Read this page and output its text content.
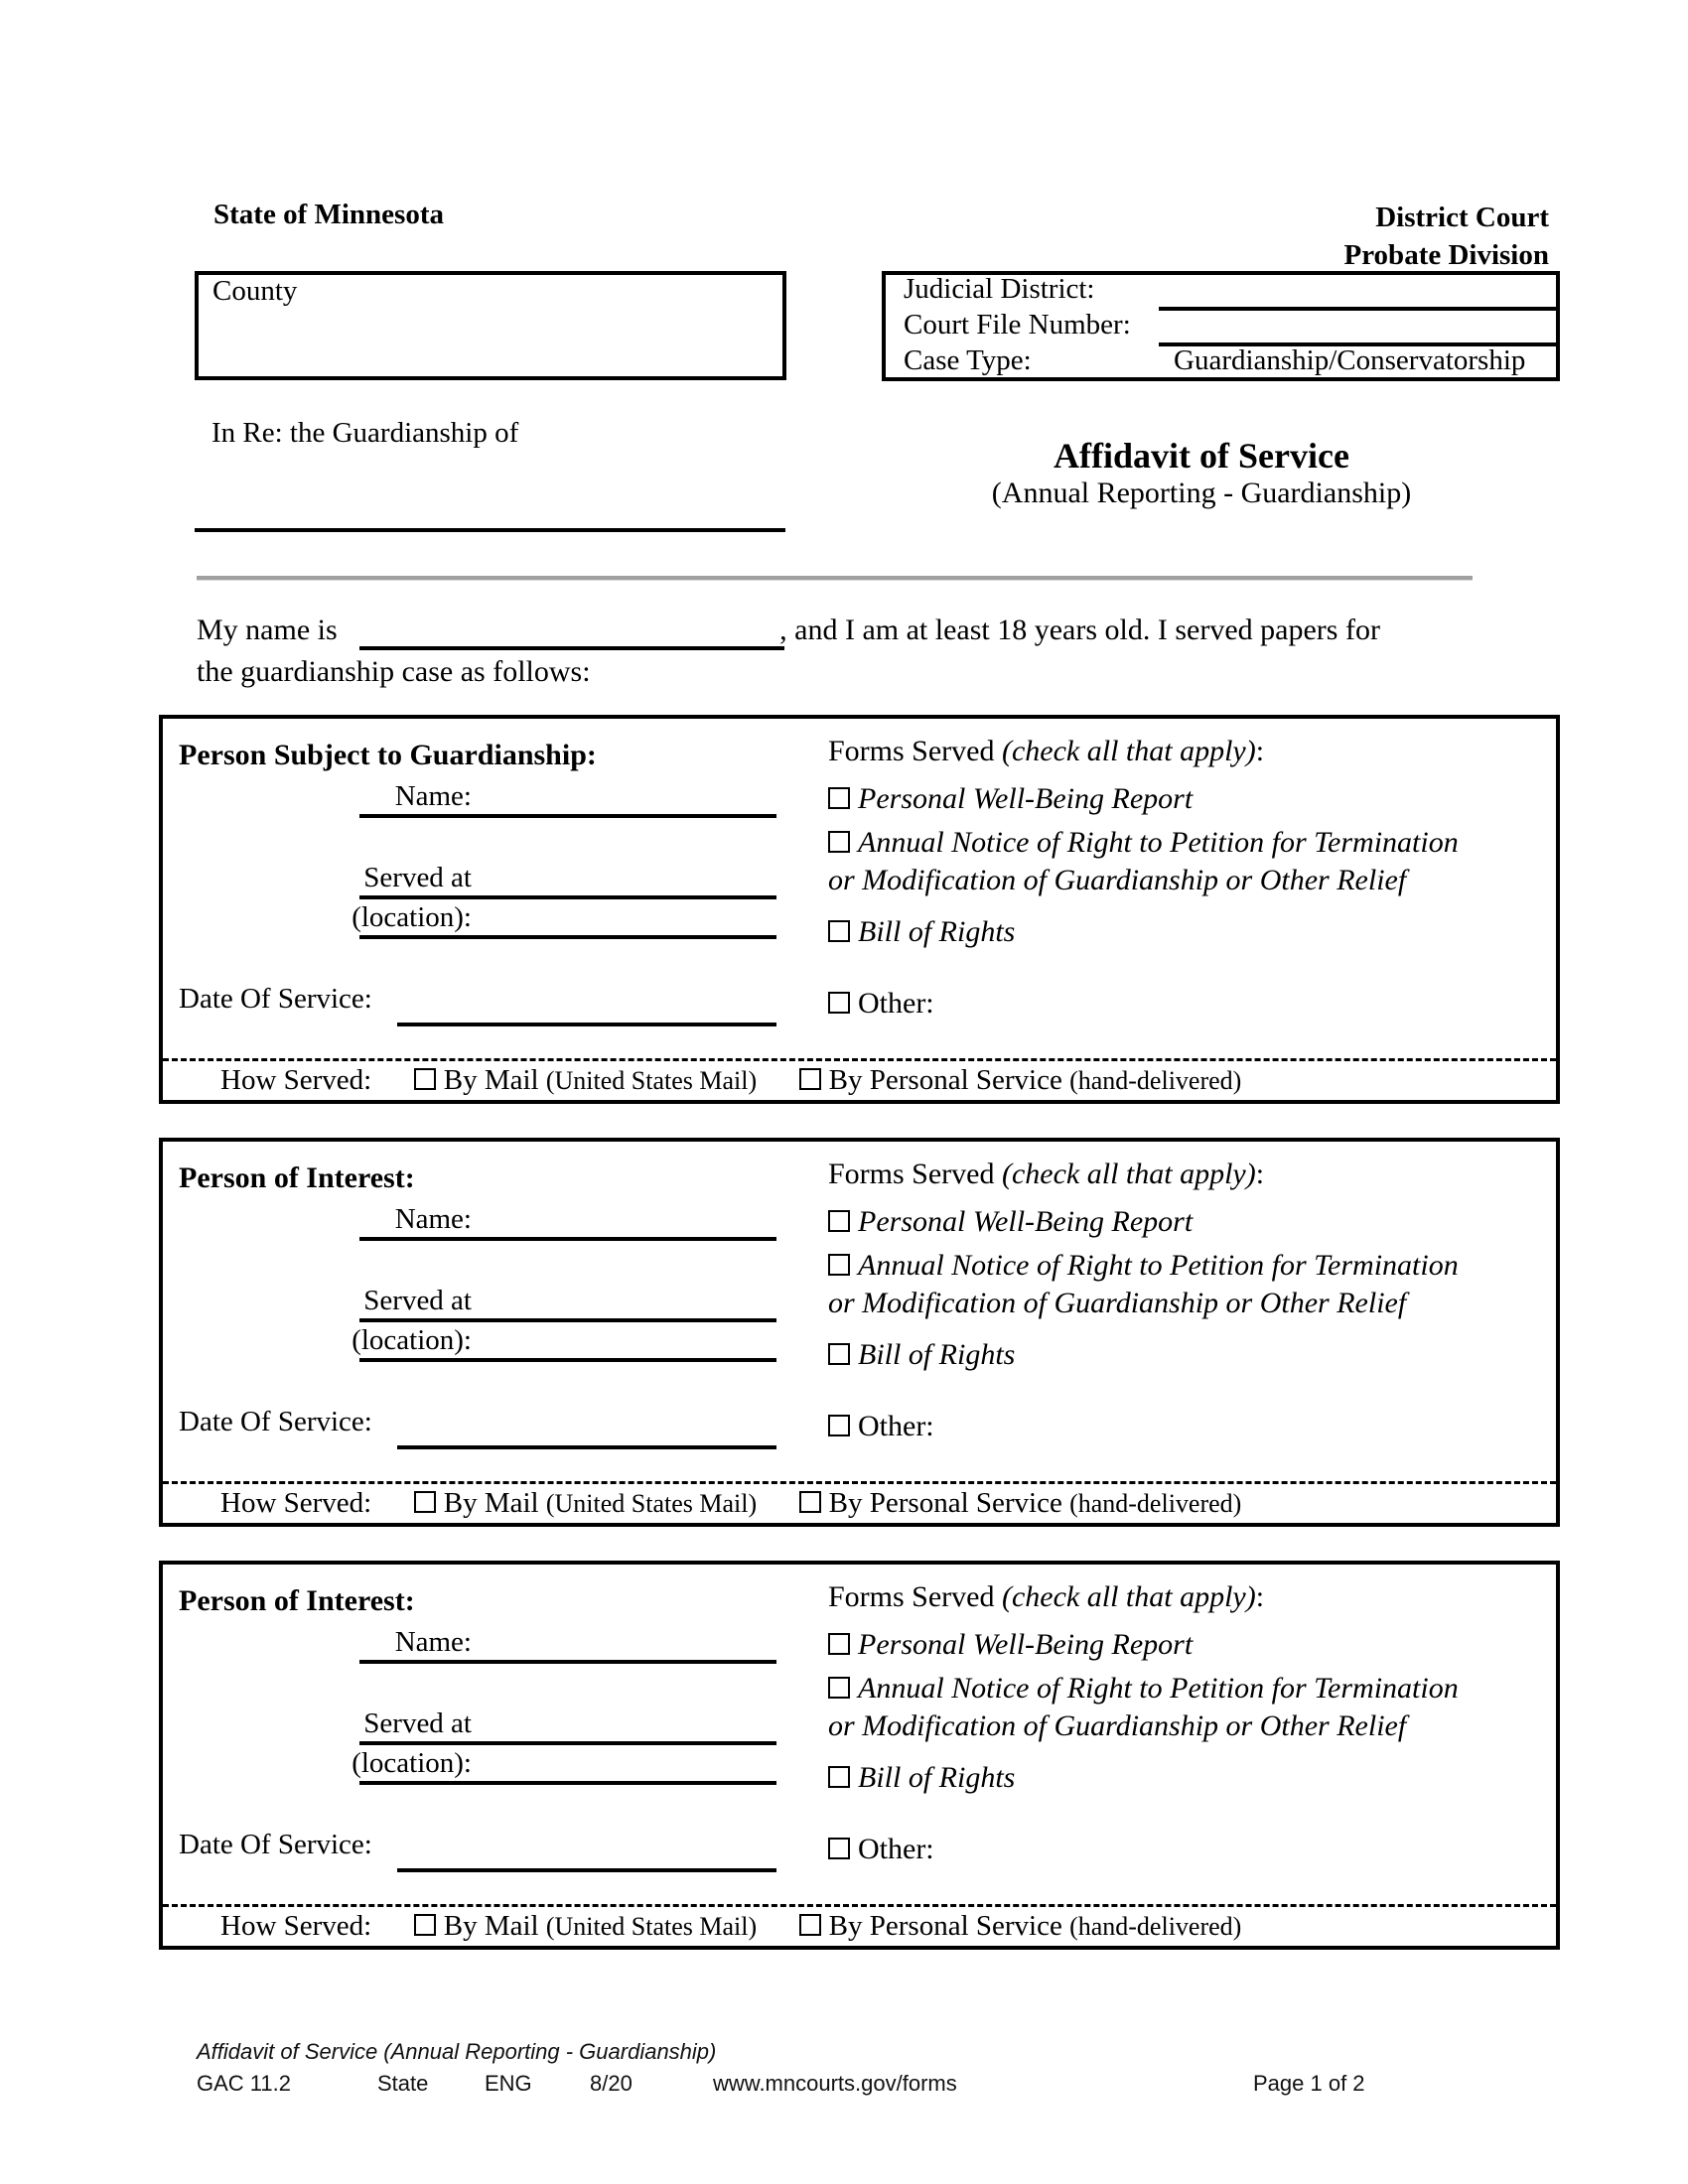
State of Minnesota	District Court
Probate Division
County	Judicial District:
Court File Number:
Case Type:	Guardianship/Conservatorship
In Re: the Guardianship of
Affidavit of Service
(Annual Reporting - Guardianship)
My name is	, and I am at least 18 years old. I served papers for
the guardianship case as follows:
Person Subject to Guardianship:
Name:
Served at
(location):
Date Of Service:
Forms Served (check all that apply):
Personal Well-Being Report
Annual Notice of Right to Petition for Termination
or Modification of Guardianship or Other Relief
Bill of Rights
Other:
How Served:	By Mail (United States Mail)	By Personal Service (hand-delivered)
Person of Interest:
Name:
Served at
(location):
Date Of Service:
Forms Served (check all that apply):
Personal Well-Being Report
Annual Notice of Right to Petition for Termination
or Modification of Guardianship or Other Relief
Bill of Rights
Other:
How Served:	By Mail (United States Mail)	By Personal Service (hand-delivered)
Person of Interest:
Name:
Served at
(location):
Date Of Service:
Forms Served (check all that apply):
Personal Well-Being Report
Annual Notice of Right to Petition for Termination
or Modification of Guardianship or Other Relief
Bill of Rights
Other:
How Served:	By Mail (United States Mail)	By Personal Service (hand-delivered)
Affidavit of Service (Annual Reporting - Guardianship)
GAC 11.2	State	ENG	8/20	www.mncourts.gov/forms	Page 1 of 2
